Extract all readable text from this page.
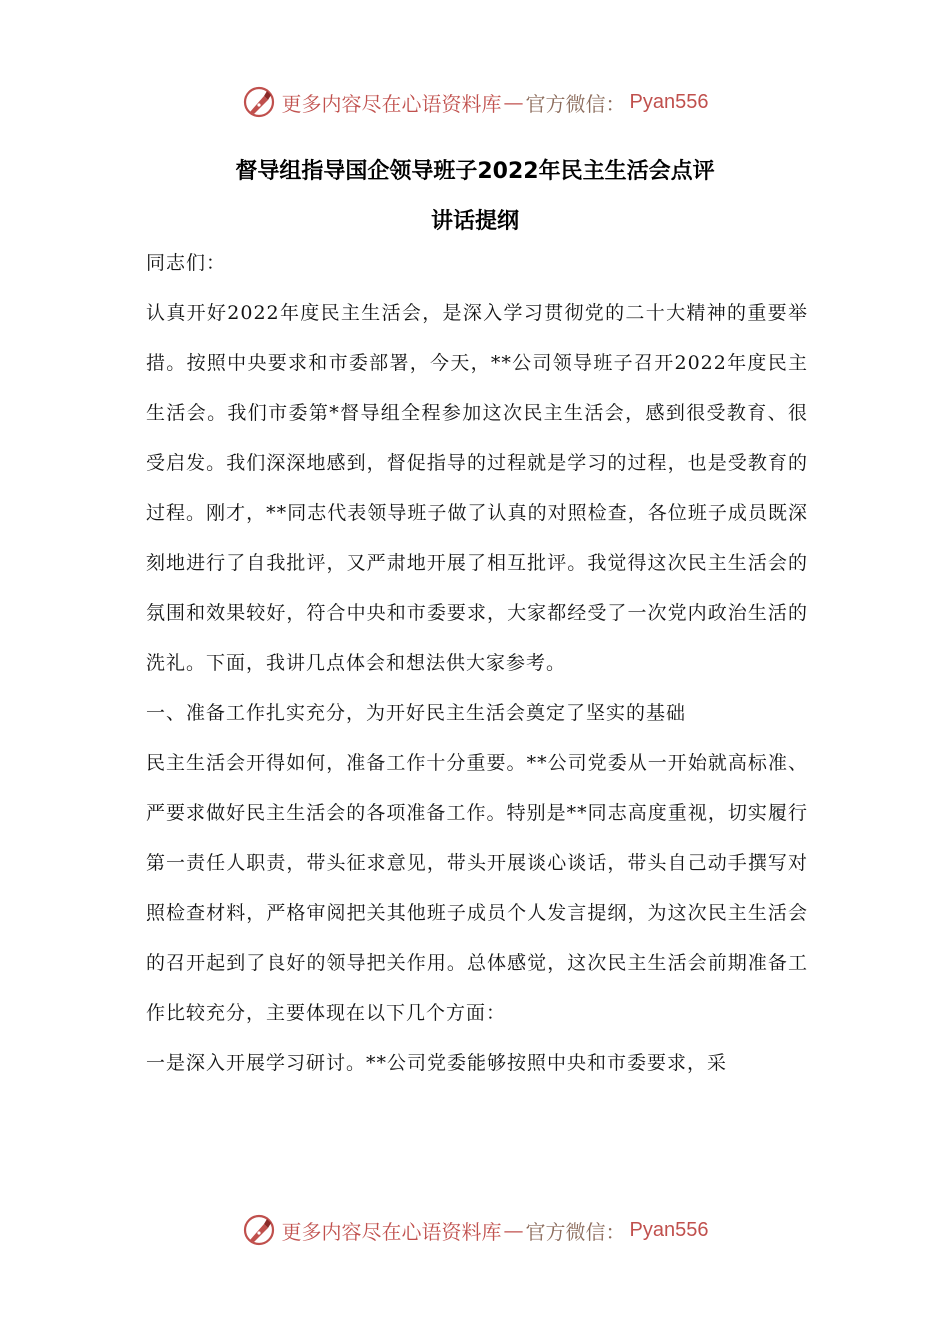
更多内容尽在心语资料库 — 官方微信： Pyan556
督导组指导国企领导班子2022年民主生活会点评
讲话提纲

同志们：

认真开好2022年度民主生活会，是深入学习贯彻党的二十大精神的重要举措。按照中央要求和市委部署，今天，**公司领导班子召开2022年度民主生活会。我们市委第*督导组全程参加这次民主生活会，感到很受教育、很受启发。我们深深地感到，督促指导的过程就是学习的过程，也是受教育的过程。刚才，**同志代表领导班子做了认真的对照检查，各位班子成员既深刻地进行了自我批评，又严肃地开展了相互批评。我觉得这次民主生活会的氛围和效果较好，符合中央和市委要求，大家都经受了一次党内政治生活的洗礼。下面，我讲几点体会和想法供大家参考。

一、准备工作扎实充分，为开好民主生活会奠定了坚实的基础

民主生活会开得如何，准备工作十分重要。**公司党委从一开始就高标准、严要求做好民主生活会的各项准备工作。特别是**同志高度重视，切实履行第一责任人职责，带头征求意见，带头开展谈心谈话，带头自己动手撰写对照检查材料，严格审阅把关其他班子成员个人发言提纲，为这次民主生活会的召开起到了良好的领导把关作用。总体感觉，这次民主生活会前期准备工作比较充分，主要体现在以下几个方面：

一是深入开展学习研讨。**公司党委能够按照中央和市委要求，采

更多内容尽在心语资料库 — 官方微信： Pyan556
